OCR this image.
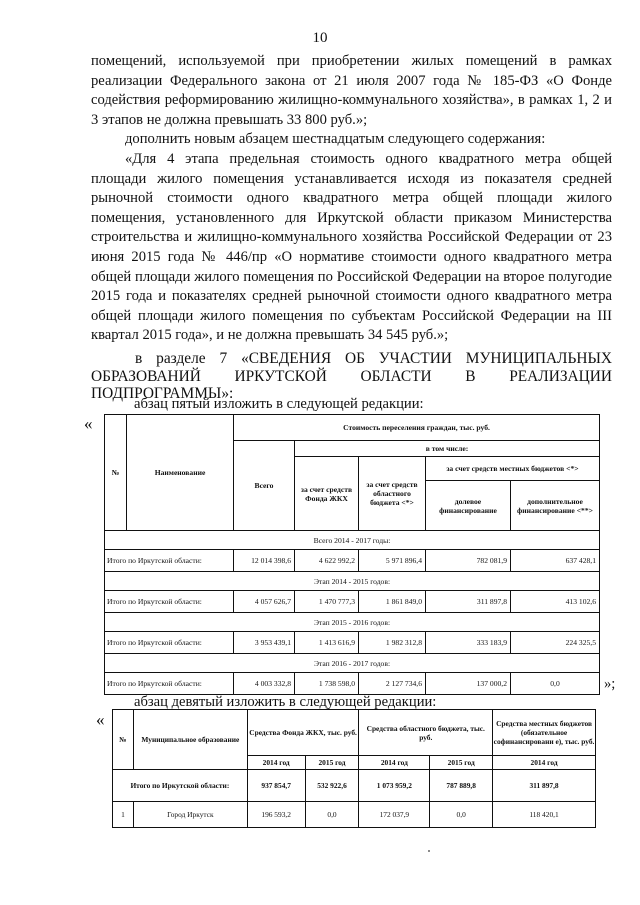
10

помещений, используемой при приобретении жилых помещений в рамках реализации Федерального закона от 21 июля 2007 года № 185-ФЗ «О Фонде содействия реформированию жилищно-коммунального хозяйства», в рамках 1, 2 и 3 этапов не должна превышать 33 800 руб.»;

дополнить новым абзацем шестнадцатым следующего содержания:

«Для 4 этапа предельная стоимость одного квадратного метра общей площади жилого помещения устанавливается исходя из показателя средней рыночной стоимости одного квадратного метра общей площади жилого помещения, установленного для Иркутской области приказом Министерства строительства и жилищно-коммунального хозяйства Российской Федерации от 23 июня 2015 года № 446/пр «О нормативе стоимости одного квадратного метра общей площади жилого помещения по Российской Федерации на второе полугодие 2015 года и показателях средней рыночной стоимости одного квадратного метра общей площади жилого помещения по субъектам Российской Федерации на III квартал 2015 года», и не должна превышать 34 545 руб.»;

в разделе 7 «СВЕДЕНИЯ ОБ УЧАСТИИ МУНИЦИПАЛЬНЫХ ОБРАЗОВАНИЙ ИРКУТСКОЙ ОБЛАСТИ В РЕАЛИЗАЦИИ ПОДПРОГРАММЫ»:

абзац пятый изложить в следующей редакции:
«
№	Наименование	Стоимость переселения граждан, тыс. руб.				
		Всего	в том числе:			
			за счет средств Фонда ЖКХ	за счет средств областного бюджета <*>	за счет средств местных бюджетов <*>	
					долевое финансирование	дополнительное финансирование <**>
Всего 2014 - 2017 годы:						
Итого по Иркутской области:		12 014 398,6	4 622 992,2	5 971 896,4	782 081,9	637 428,1
Этап 2014 - 2015 годов:						
Итого по Иркутской области:		4 057 626,7	1 470 777,3	1 861 849,0	311 897,8	413 102,6
Этап 2015 - 2016 годов:						
Итого по Иркутской области:		3 953 439,1	1 413 616,9	1 982 312,8	333 183,9	224 325,5
Этап 2016 - 2017 годов:						
Итого по Иркутской области:		4 003 332,8	1 738 598,0	2 127 734,6	137 000,2	0,0	»;
абзац девятый изложить в следующей редакции:
«
№	Муниципальное образование	Средства Фонда ЖКХ, тыс. руб.		Средства областного бюджета, тыс. руб.		Средства местных бюджетов (обязательное софинансировани е), тыс. руб.
		2014 год	2015 год	2014 год	2015 год	2014 год
Итого по Иркутской области:		937 854,7	532 922,6	1 073 959,2	787 889,8	311 897,8
1	Город Иркутск	196 593,2	0,0	172 037,9	0,0	118 420,1
